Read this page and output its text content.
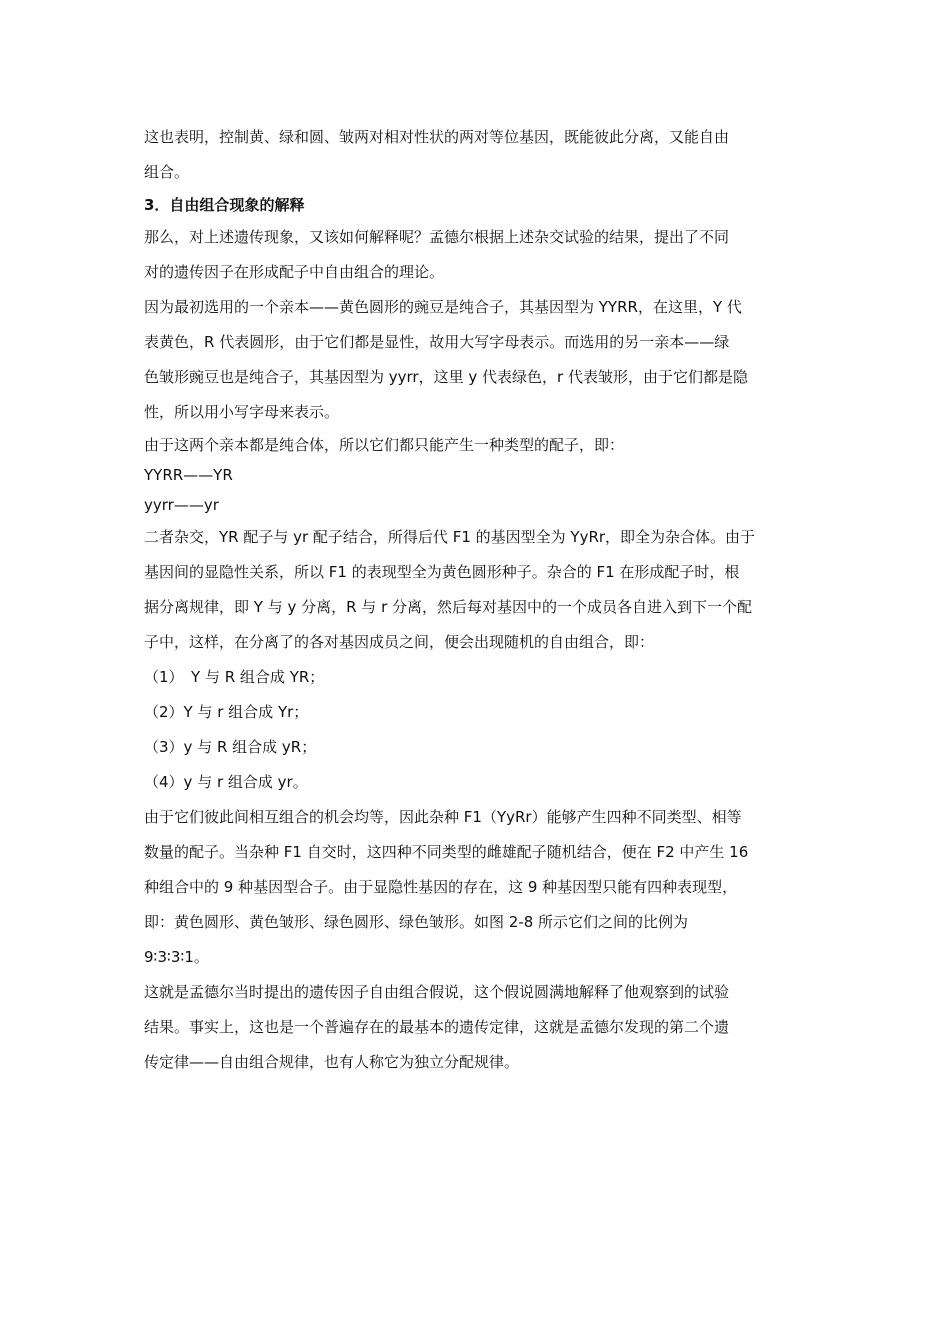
这也表明，控制黄、绿和圆、皱两对相对性状的两对等位基因，既能彼此分离，又能自由
组合。
3．自由组合现象的解释
那么，对上述遗传现象，又该如何解释呢？孟德尔根据上述杂交试验的结果，提出了不同
对的遗传因子在形成配子中自由组合的理论。
因为最初选用的一个亲本——黄色圆形的豌豆是纯合子，其基因型为 YYRR，在这里，Y 代
表黄色，R 代表圆形，由于它们都是显性，故用大写字母表示。而选用的另一亲本——绿
色皱形豌豆也是纯合子，其基因型为 yyrr，这里 y 代表绿色，r 代表皱形，由于它们都是隐
性，所以用小写字母来表示。
由于这两个亲本都是纯合体，所以它们都只能产生一种类型的配子，即：
YYRR——YR
yyrr——yr
二者杂交，YR 配子与 yr 配子结合，所得后代 F1 的基因型全为 YyRr，即全为杂合体。由于
基因间的显隐性关系，所以 F1 的表现型全为黄色圆形种子。杂合的 F1 在形成配子时，根
据分离规律，即 Y 与 y 分离，R 与 r 分离，然后每对基因中的一个成员各自进入到下一个配
子中，这样，在分离了的各对基因成员之间，便会出现随机的自由组合，即：
（1）　Y 与 R 组合成 YR；
（2）Y 与 r 组合成 Yr；
（3）y 与 R 组合成 yR；
（4）y 与 r 组合成 yr。
由于它们彼此间相互组合的机会均等，因此杂种 F1（YyRr）能够产生四种不同类型、相等
数量的配子。当杂种 F1 自交时，这四种不同类型的雌雄配子随机结合，便在 F2 中产生 16
种组合中的 9 种基因型合子。由于显隐性基因的存在，这 9 种基因型只能有四种表现型，
即：黄色圆形、黄色皱形、绿色圆形、绿色皱形。如图 2-8 所示它们之间的比例为
9∶3∶3∶1。
这就是孟德尔当时提出的遗传因子自由组合假说，这个假说圆满地解释了他观察到的试验
结果。事实上，这也是一个普遍存在的最基本的遗传定律，这就是孟德尔发现的第二个遗
传定律——自由组合规律，也有人称它为独立分配规律。
